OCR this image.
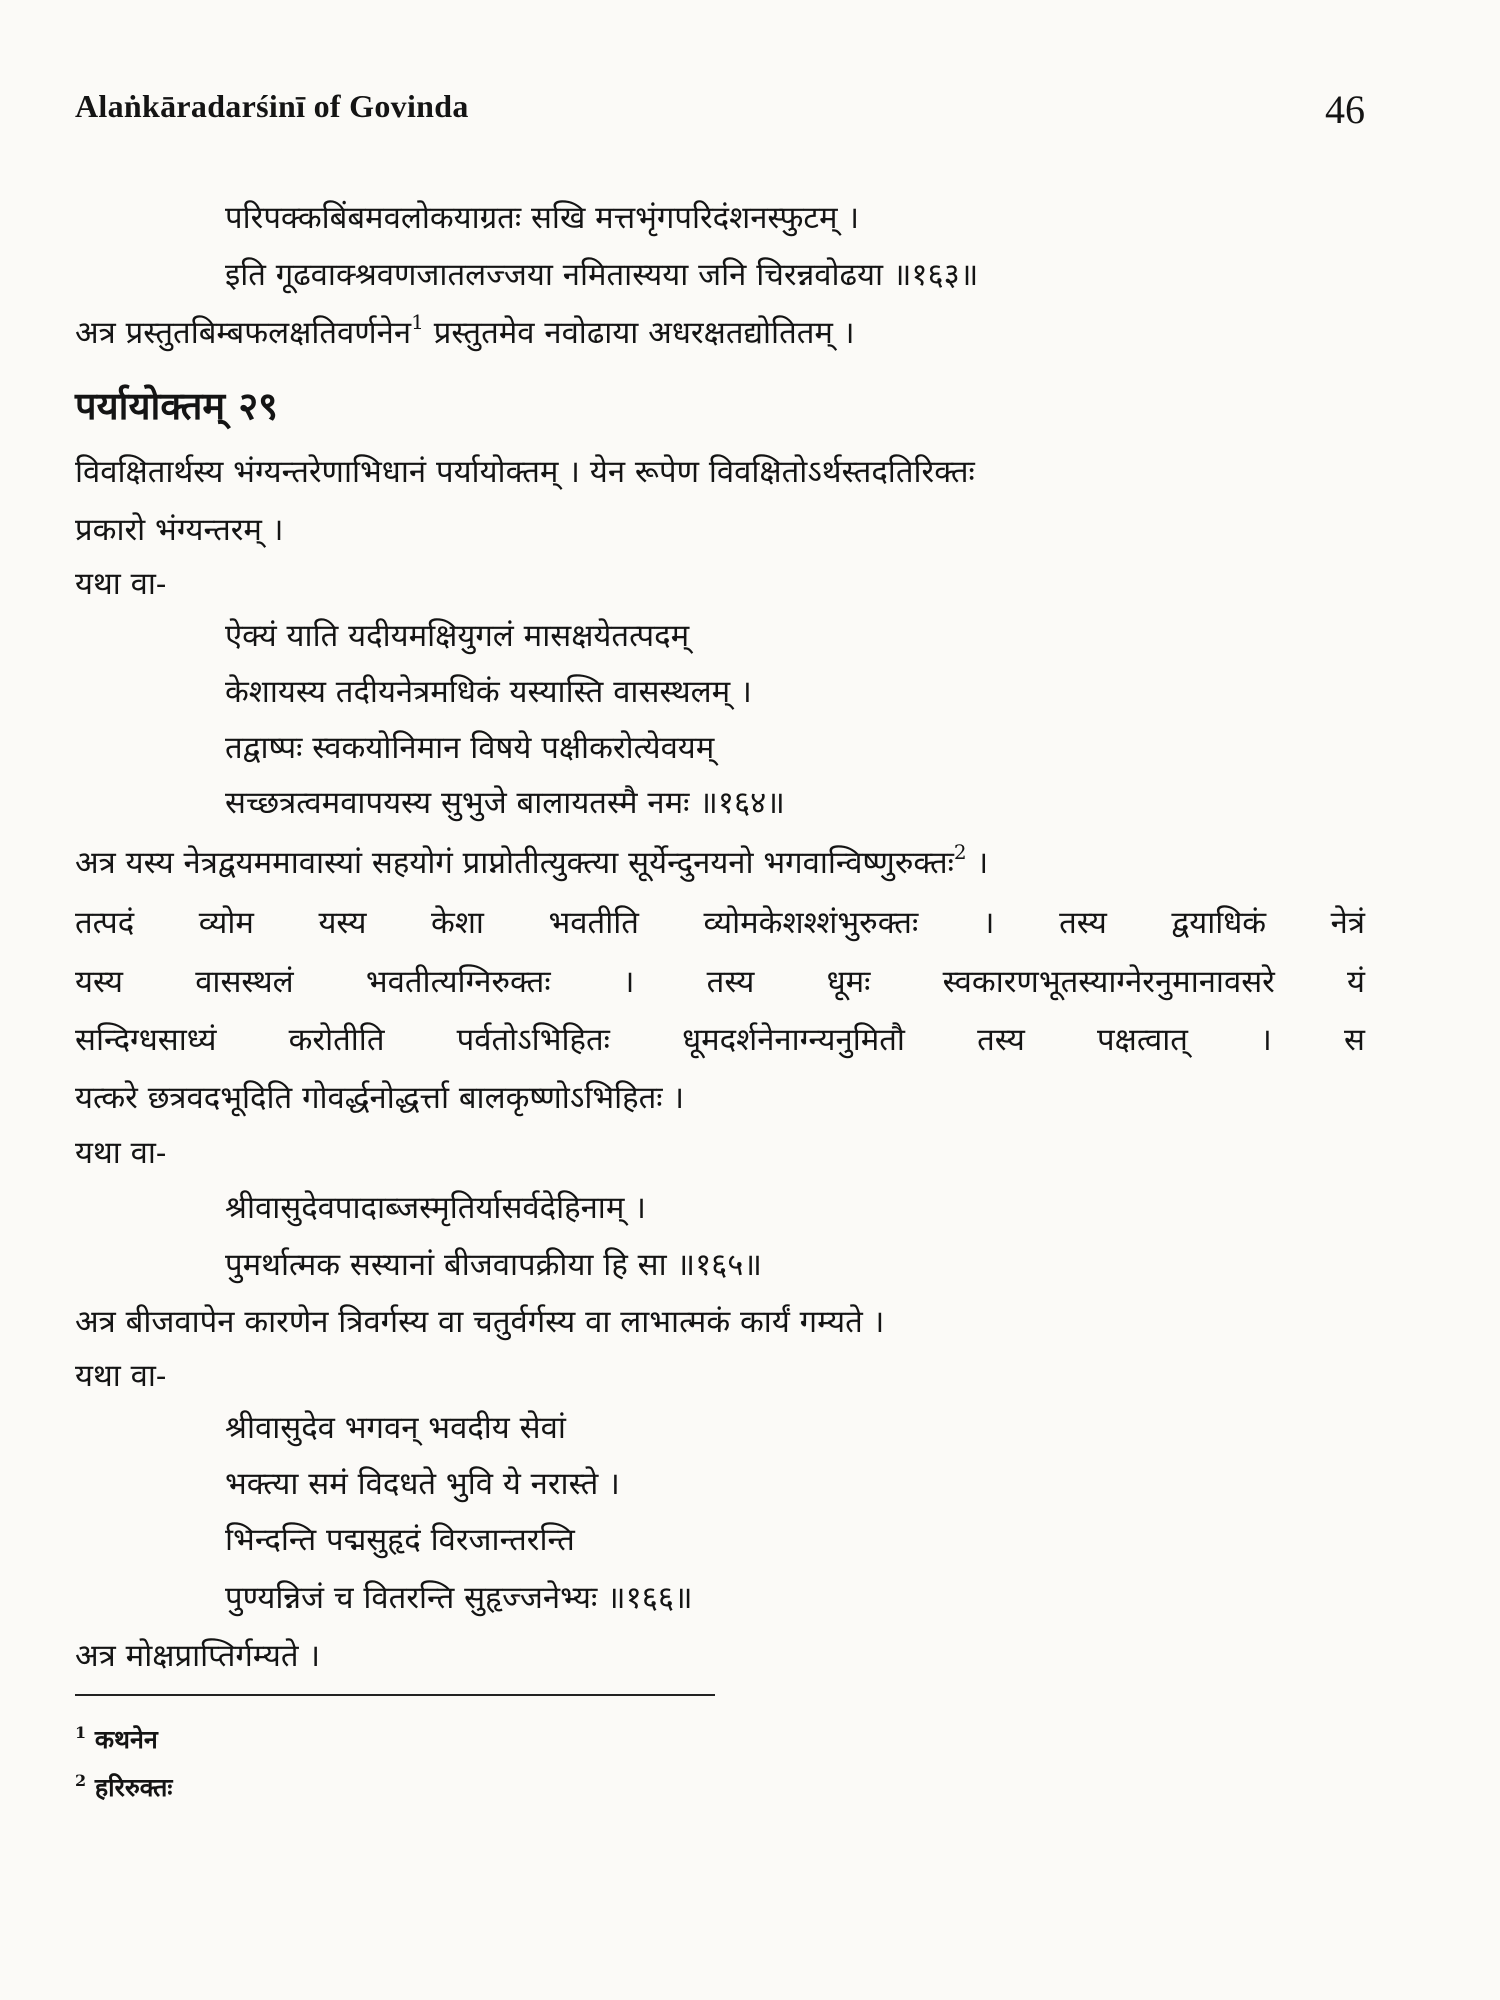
Alaṅkāradarśinī of Govinda	46
परिपक्कबिंबमवलोकयाग्रतः सखि मत्तभृंगपरिदंशनस्फुटम् ।
इति गूढवाक्श्रवणजातलज्जया नमितास्यया जनि चिरन्नवोढया ॥१६३॥
अत्र प्रस्तुतबिम्बफलक्षतिवर्णनेन$^1$ प्रस्तुतमेव नवोढाया अधरक्षतद्योतितम् ।
पर्यायोक्तम् २९
विवक्षितार्थस्य भंग्यन्तरेणाभिधानं पर्यायोक्तम् । येन रूपेण विवक्षितोऽर्थस्तदतिरिक्तः
प्रकारो भंग्यन्तरम् ।
यथा वा-
ऐक्यं याति यदीयमक्षियुगलं मासक्षयेतत्पदम्
केशायस्य तदीयनेत्रमधिकं यस्यास्ति वासस्थलम् ।
तद्वाष्पः स्वकयोनिमान विषये पक्षीकरोत्येवयम्
सच्छत्रत्वमवापयस्य सुभुजे बालायतस्मै नमः ॥१६४॥
अत्र यस्य नेत्रद्वयममावास्यां सहयोगं प्राप्नोतीत्युक्त्या सूर्येन्दुनयनो भगवान्विष्णुरुक्तः$^2$ ।
तत्पदं व्योम यस्य केशा भवतीति व्योमकेशश्शंभुरुक्तः । तस्य द्वयाधिकं नेत्रं
यस्य वासस्थलं भवतीत्यग्निरुक्तः । तस्य धूमः स्वकारणभूतस्याग्नेरनुमानावसरे यं
सन्दिग्धसाध्यं करोतीति पर्वतोऽभिहितः धूमदर्शनेनाग्न्यनुमितौ तस्य पक्षत्वात् । स
यत्करे छत्रवदभूदिति गोवर्द्धनोद्धर्त्ता बालकृष्णोऽभिहितः ।
यथा वा-
श्रीवासुदेवपादाब्जस्मृतिर्यासर्वदेहिनाम् ।
पुमर्थात्मक सस्यानां बीजवापक्रीया हि सा ॥१६५॥
अत्र बीजवापेन कारणेन त्रिवर्गस्य वा चतुर्वर्गस्य वा लाभात्मकं कार्यं गम्यते ।
यथा वा-
श्रीवासुदेव भगवन् भवदीय सेवां
भक्त्या समं विदधते भुवि ये नरास्ते ।
भिन्दन्ति पद्मसुहृदं विरजान्तरन्ति
पुण्यन्निजं च वितरन्ति सुहृज्जनेभ्यः ॥१६६॥
अत्र मोक्षप्राप्तिर्गम्यते ।
$^1$ कथनेन
$^2$ हरिरुक्तः
